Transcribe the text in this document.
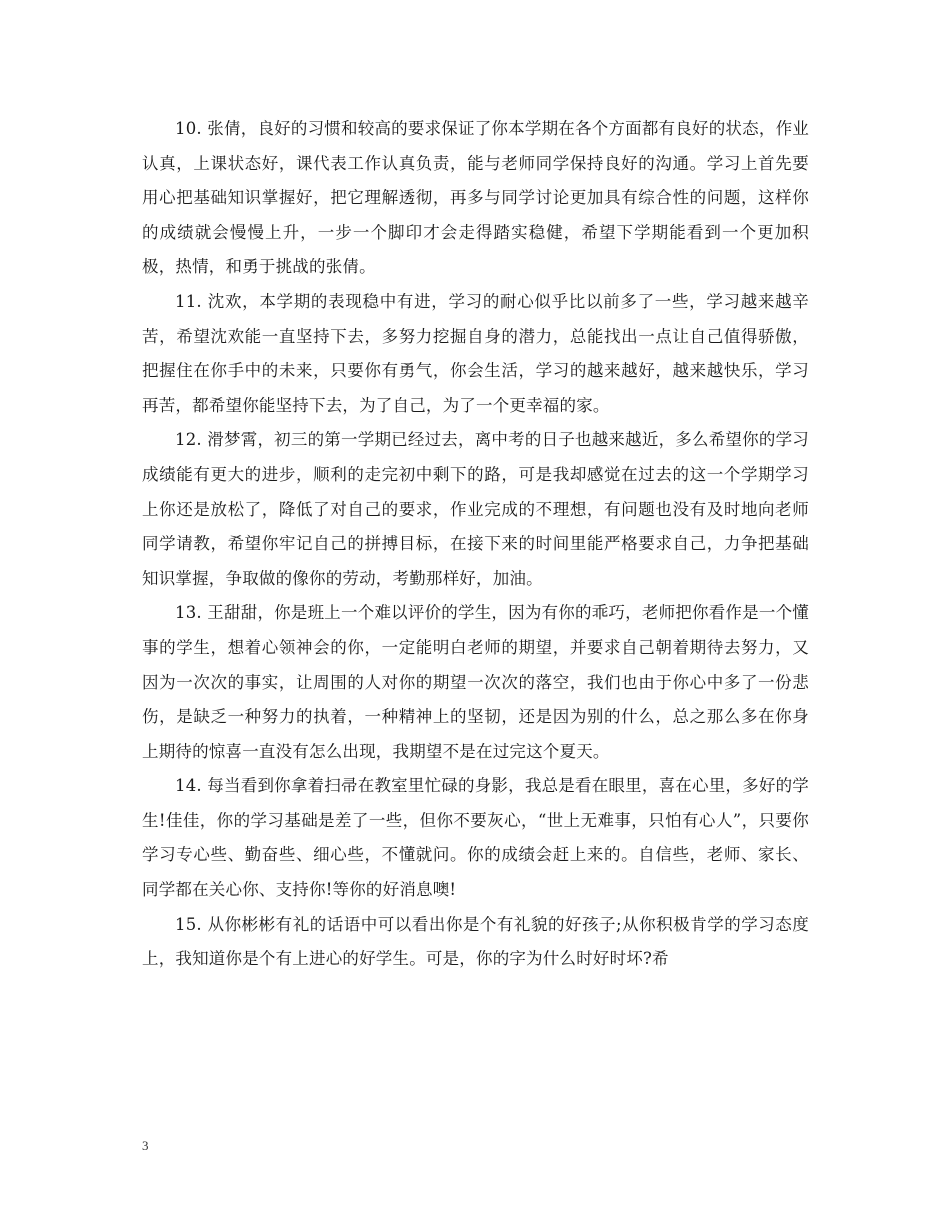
10. 张倩，良好的习惯和较高的要求保证了你本学期在各个方面都有良好的状态，作业认真，上课状态好，课代表工作认真负责，能与老师同学保持良好的沟通。学习上首先要用心把基础知识掌握好，把它理解透彻，再多与同学讨论更加具有综合性的问题，这样你的成绩就会慢慢上升，一步一个脚印才会走得踏实稳健，希望下学期能看到一个更加积极，热情，和勇于挑战的张倩。

11. 沈欢，本学期的表现稳中有进，学习的耐心似乎比以前多了一些，学习越来越辛苦，希望沈欢能一直坚持下去，多努力挖掘自身的潜力，总能找出一点让自己值得骄傲，把握住在你手中的未来，只要你有勇气，你会生活，学习的越来越好，越来越快乐，学习再苦，都希望你能坚持下去，为了自己，为了一个更幸福的家。

12. 滑梦霄，初三的第一学期已经过去，离中考的日子也越来越近，多么希望你的学习成绩能有更大的进步，顺利的走完初中剩下的路，可是我却感觉在过去的这一个学期学习上你还是放松了，降低了对自己的要求，作业完成的不理想，有问题也没有及时地向老师同学请教，希望你牢记自己的拼搏目标，在接下来的时间里能严格要求自己，力争把基础知识掌握，争取做的像你的劳动，考勤那样好，加油。

13. 王甜甜，你是班上一个难以评价的学生，因为有你的乖巧，老师把你看作是一个懂事的学生，想着心领神会的你，一定能明白老师的期望，并要求自己朝着期待去努力，又因为一次次的事实，让周围的人对你的期望一次次的落空，我们也由于你心中多了一份悲伤，是缺乏一种努力的执着，一种精神上的坚韧，还是因为别的什么，总之那么多在你身上期待的惊喜一直没有怎么出现，我期望不是在过完这个夏天。

14. 每当看到你拿着扫帚在教室里忙碌的身影，我总是看在眼里，喜在心里，多好的学生!佳佳，你的学习基础是差了一些，但你不要灰心，“世上无难事，只怕有心人”，只要你学习专心些、勤奋些、细心些，不懂就问。你的成绩会赶上来的。自信些，老师、家长、同学都在关心你、支持你!等你的好消息噢!

15. 从你彬彬有礼的话语中可以看出你是个有礼貌的好孩子;从你积极肯学的学习态度上，我知道你是个有上进心的好学生。可是，你的字为什么时好时坏?希

3
